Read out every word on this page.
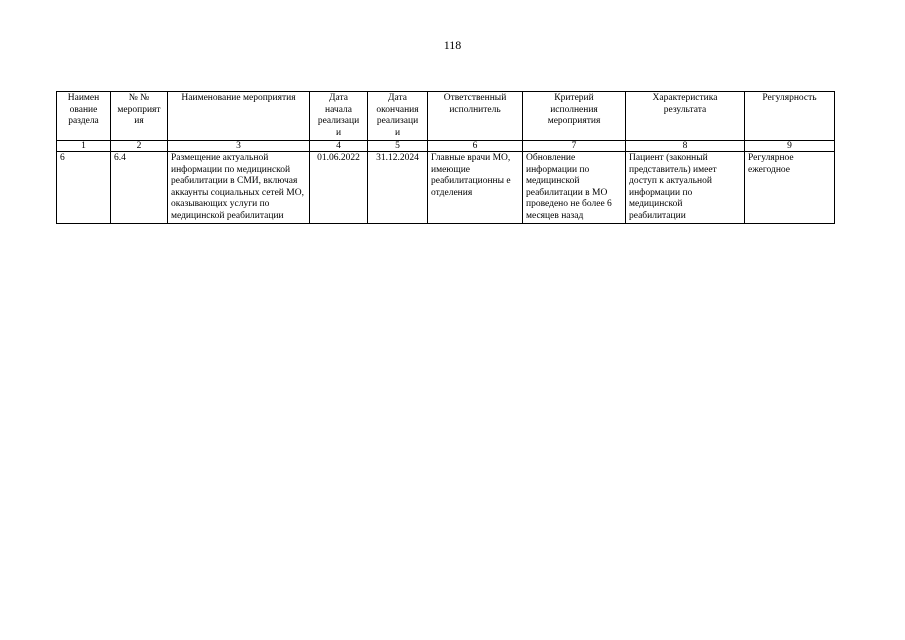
118
Наимен
ование
раздела	№ №
мероприят
ия	Наименование мероприятия	Дата
начала
реализаци
и	Дата
окончания
реализаци
и	Ответственный
исполнитель	Критерий
исполнения
мероприятия	Характеристика
результата	Регулярность
1	2	3	4	5	6	7	8	9
6	6.4	Размещение актуальной информации по медицинской реабилитации в СМИ, включая аккаунты социальных сетей МО, оказывающих услуги по медицинской реабилитации	01.06.2022	31.12.2024	Главные врачи МО, имеющие реабилитационны е отделения	Обновление информации по медицинской реабилитации в МО проведено не более 6 месяцев назад	Пациент (законный представитель) имеет доступ к актуальной информации по медицинской реабилитации	Регулярное ежегодное
